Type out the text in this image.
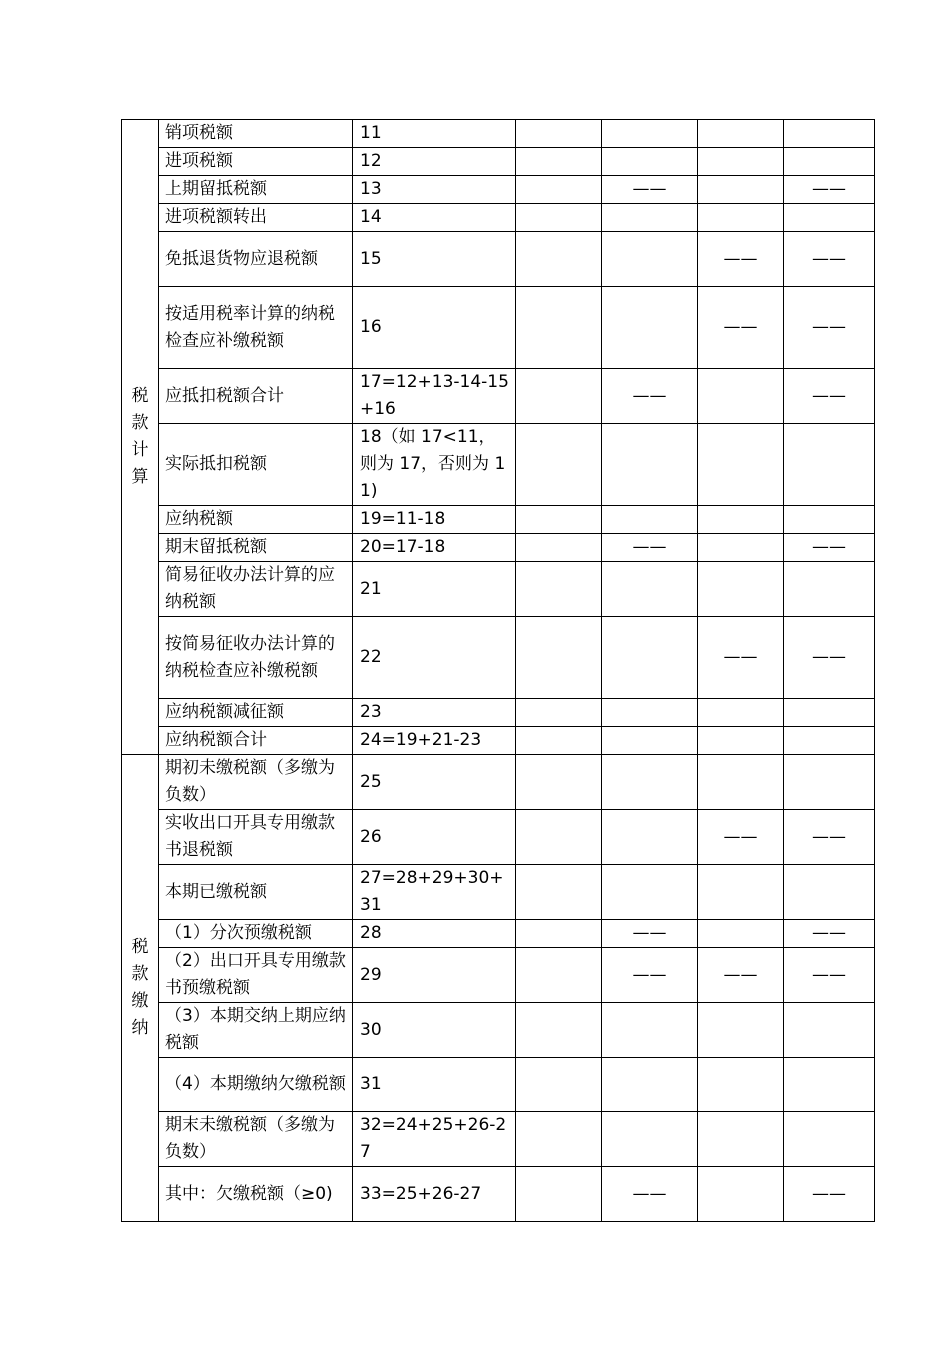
税款计算	销项税额	11				
	进项税额	12				
	上期留抵税额	13		——		——
	进项税额转出	14				
	免抵退货物应退税额	15			——	——
	按适用税率计算的纳税检查应补缴税额	16			——	——
	应抵扣税额合计	17=12+13-14-15+16		——		——
	实际抵扣税额	18（如 17<11，则为 17，否则为 11)				
	应纳税额	19=11-18				
	期末留抵税额	20=17-18		——		——
	简易征收办法计算的应纳税额	21				
	按简易征收办法计算的纳税检查应补缴税额	22			——	——
	应纳税额减征额	23				
	应纳税额合计	24=19+21-23				

税款缴纳	期初未缴税额（多缴为负数）	25				
	实收出口开具专用缴款书退税额	26			——	——
	本期已缴税额	27=28+29+30+31				
	（1）分次预缴税额	28		——		——
	（2）出口开具专用缴款书预缴税额	29		——	——	——
	（3）本期交纳上期应纳税额	30				
	（4）本期缴纳欠缴税额	31				
	期末未缴税额（多缴为负数）	32=24+25+26-27				
	其中：欠缴税额（≥0)	33=25+26-27		——		——
